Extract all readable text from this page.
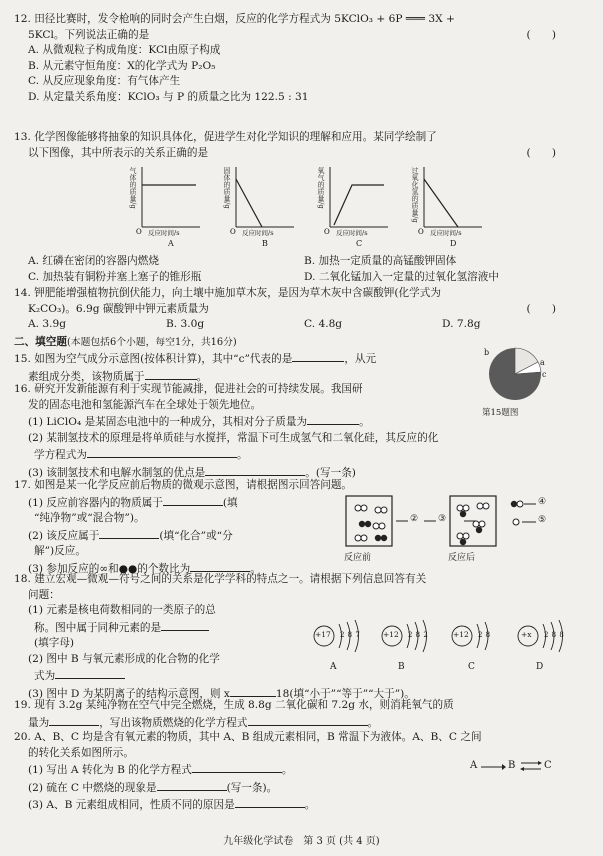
12. 田径比赛时，发令枪响的同时会产生白烟，反应的化学方程式为 5KClO₃ + 6P ═══ 3X +
5KCl。下列说法正确的是	(　　)
A. 从微观粒子构成角度：KCl由原子构成
B. 从元素守恒角度：X的化学式为 P₂O₅
C. 从反应现象角度：有气体产生
D. 从定量关系角度：KClO₃ 与 P 的质量之比为 122.5 : 31
13. 化学图像能够将抽象的知识具体化，促进学生对化学知识的理解和应用。某同学绘制了
以下图像，其中所表示的关系正确的是	(　　)
气体的质量/g
O 反应时间/s
A
固体的质量/g
O 反应时间/s
B
氧气的质量/g
O 反应时间/s
C
过氧化氢的质量/g
O 反应时间/s
D
A. 红磷在密闭的容器内燃烧	B. 加热一定质量的高锰酸钾固体
C. 加热装有铜粉并塞上塞子的锥形瓶	D. 二氧化锰加入一定量的过氧化氢溶液中
14. 钾肥能增强植物抗倒伏能力，向土壤中施加草木灰，是因为草木灰中含碳酸钾(化学式为
K₂CO₃)。6.9g 碳酸钾中钾元素质量为	(　　)
A. 3.9g	B. 3.0g	C. 4.8g	D. 7.8g
二、填空题(本题包括6个小题，每空1分，共16分)
15. 如图为空气成分示意图(按体积计算)，其中“c”代表的是	，从元
素组成分类，该物质属于	。
b
a
c
第15题图
16. 研究开发新能源有利于实现节能减排，促进社会的可持续发展。我国研
发的固态电池和氢能源汽车在全球处于领先地位。
(1) LiClO₄ 是某固态电池中的一种成分，其相对分子质量为	。
(2) 某制氢技术的原理是将单质硅与水搅拌，常温下可生成氢气和二氧化硅，其反应的化
学方程式为	。
(3) 该制氢技术和电解水制氢的优点是	。(写一条)
17. 如图是某一化学反应前后物质的微观示意图，请根据图示回答问题。
(1) 反应前容器内的物质属于	(填
“纯净物”或“混合物”)。
(2) 该反应属于	(填“化合”或“分
解”)反应。
(3) 参加反应的∞和●●的个数比为	。
② ③
④
⑤
反应前	反应后
18. 建立宏观—微观—符号之间的关系是化学学科的特点之一。请根据下列信息回答有关
问题：
(1) 元素是核电荷数相同的一类原子的总
称。图中属于同种元素的是
(填字母)
(2) 图中 B 与氧元素形成的化合物的化学
式为
(3) 图中 D 为某阴离子的结构示意图，则 x	18(填“小于”“等于”“大于”)。
+17 2 8 7	+12 2 8 2	+12 2 8	+x 2 8 8
A	B	C	D
19. 现有 3.2g 某纯净物在空气中完全燃烧，生成 8.8g 二氧化碳和 7.2g 水，则消耗氧气的质
量为	，写出该物质燃烧的化学方程式	。
20. A、B、C 均是含有氧元素的物质，其中 A、B 组成元素相同，B 常温下为液体。A、B、C 之间
的转化关系如图所示。
(1) 写出 A 转化为 B 的化学方程式	。
(2) 硫在 C 中燃烧的现象是	(写一条)。
(3) A、B 元素组成相同，性质不同的原因是	。
A	B ⇌ C
九年级化学试卷　第 3 页 (共 4 页)
